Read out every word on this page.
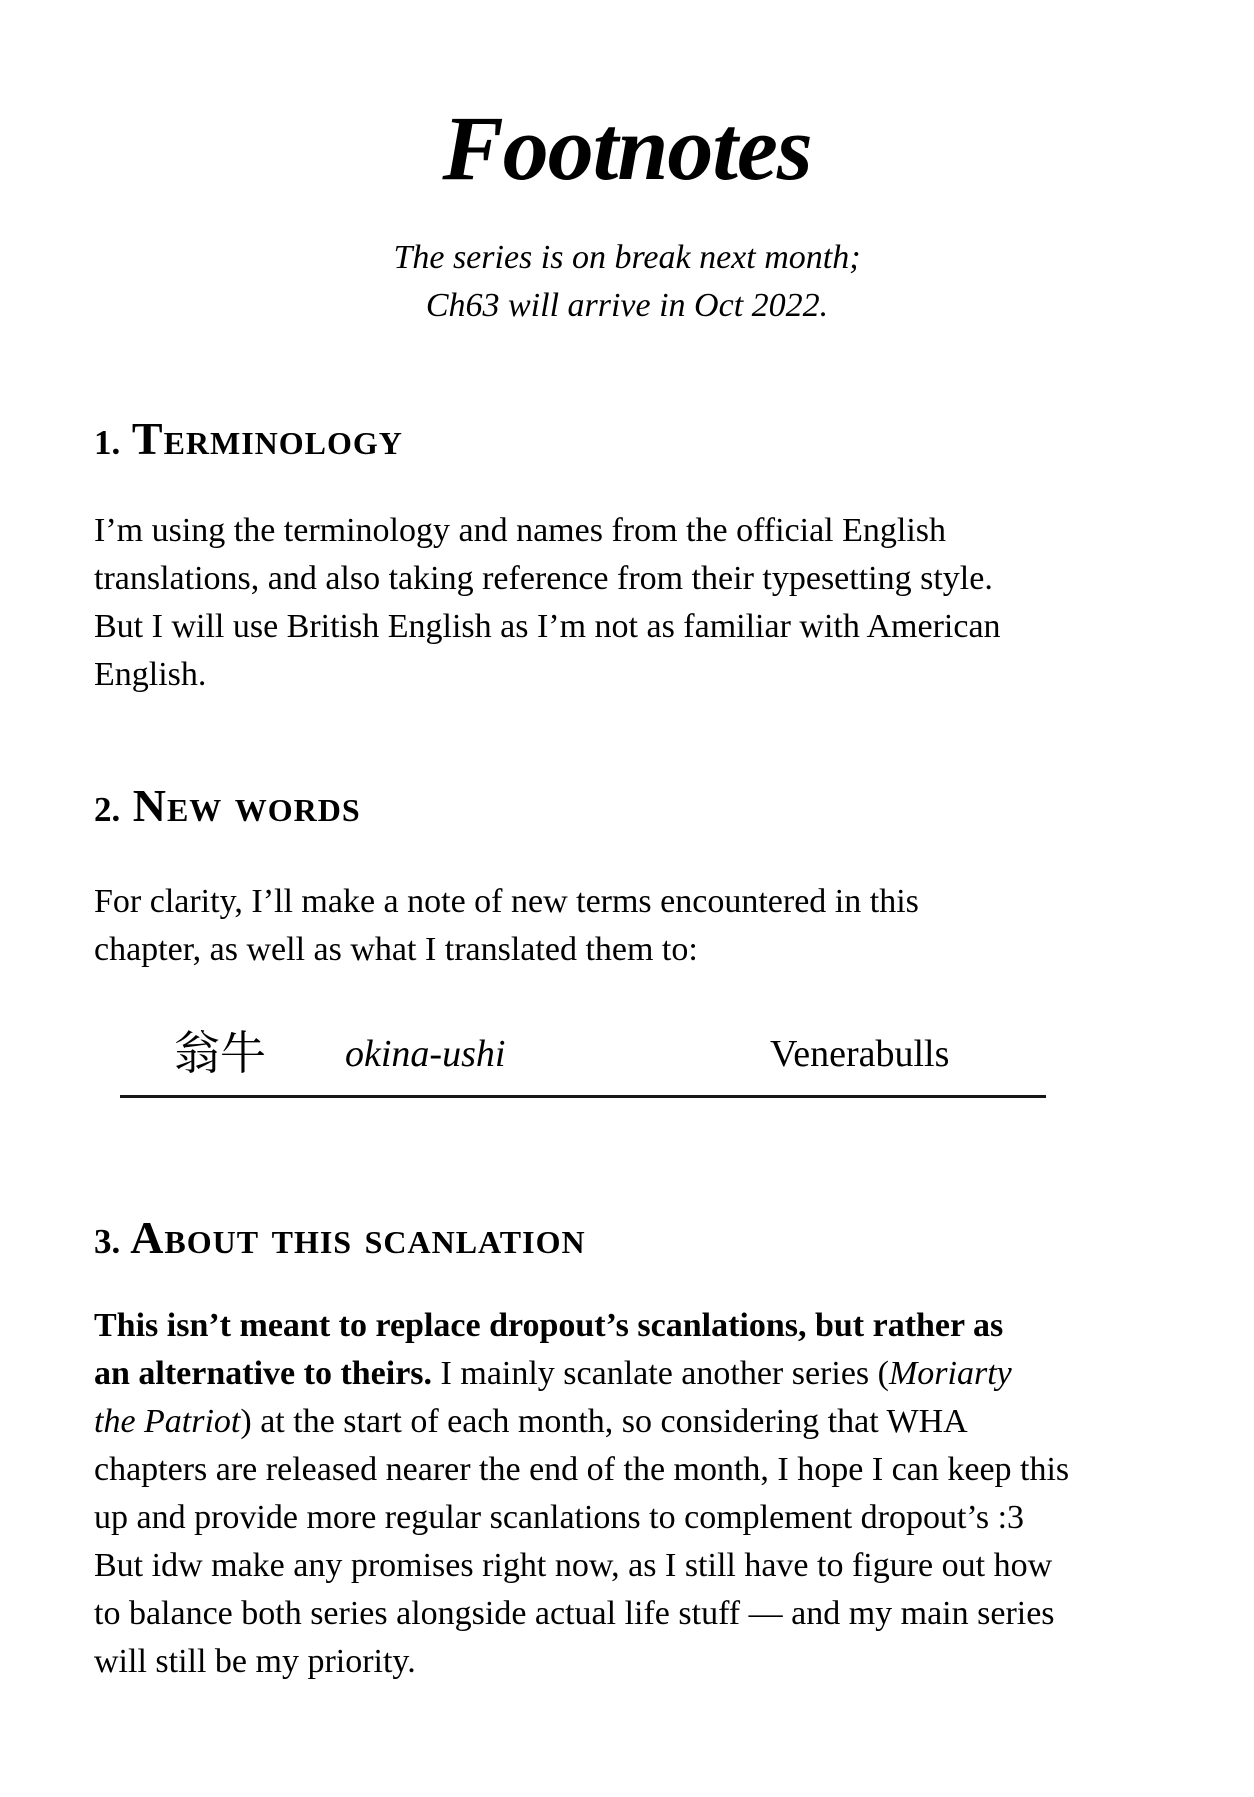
Footnotes
The series is on break next month;
Ch63 will arrive in Oct 2022.
1. Terminology
I’m using the terminology and names from the official English
translations, and also taking reference from their typesetting style.
But I will use British English as I’m not as familiar with American
English.
2. New words
For clarity, I’ll make a note of new terms encountered in this
chapter, as well as what I translated them to:
翁牛 okina-ushi	Venerabulls
3. About this scanlation
This isn’t meant to replace dropout’s scanlations, but rather as
an alternative to theirs. I mainly scanlate another series (Moriarty
the Patriot) at the start of each month, so considering that WHA
chapters are released nearer the end of the month, I hope I can keep this
up and provide more regular scanlations to complement dropout’s :3
But idw make any promises right now, as I still have to figure out how
to balance both series alongside actual life stuff — and my main series
will still be my priority.
